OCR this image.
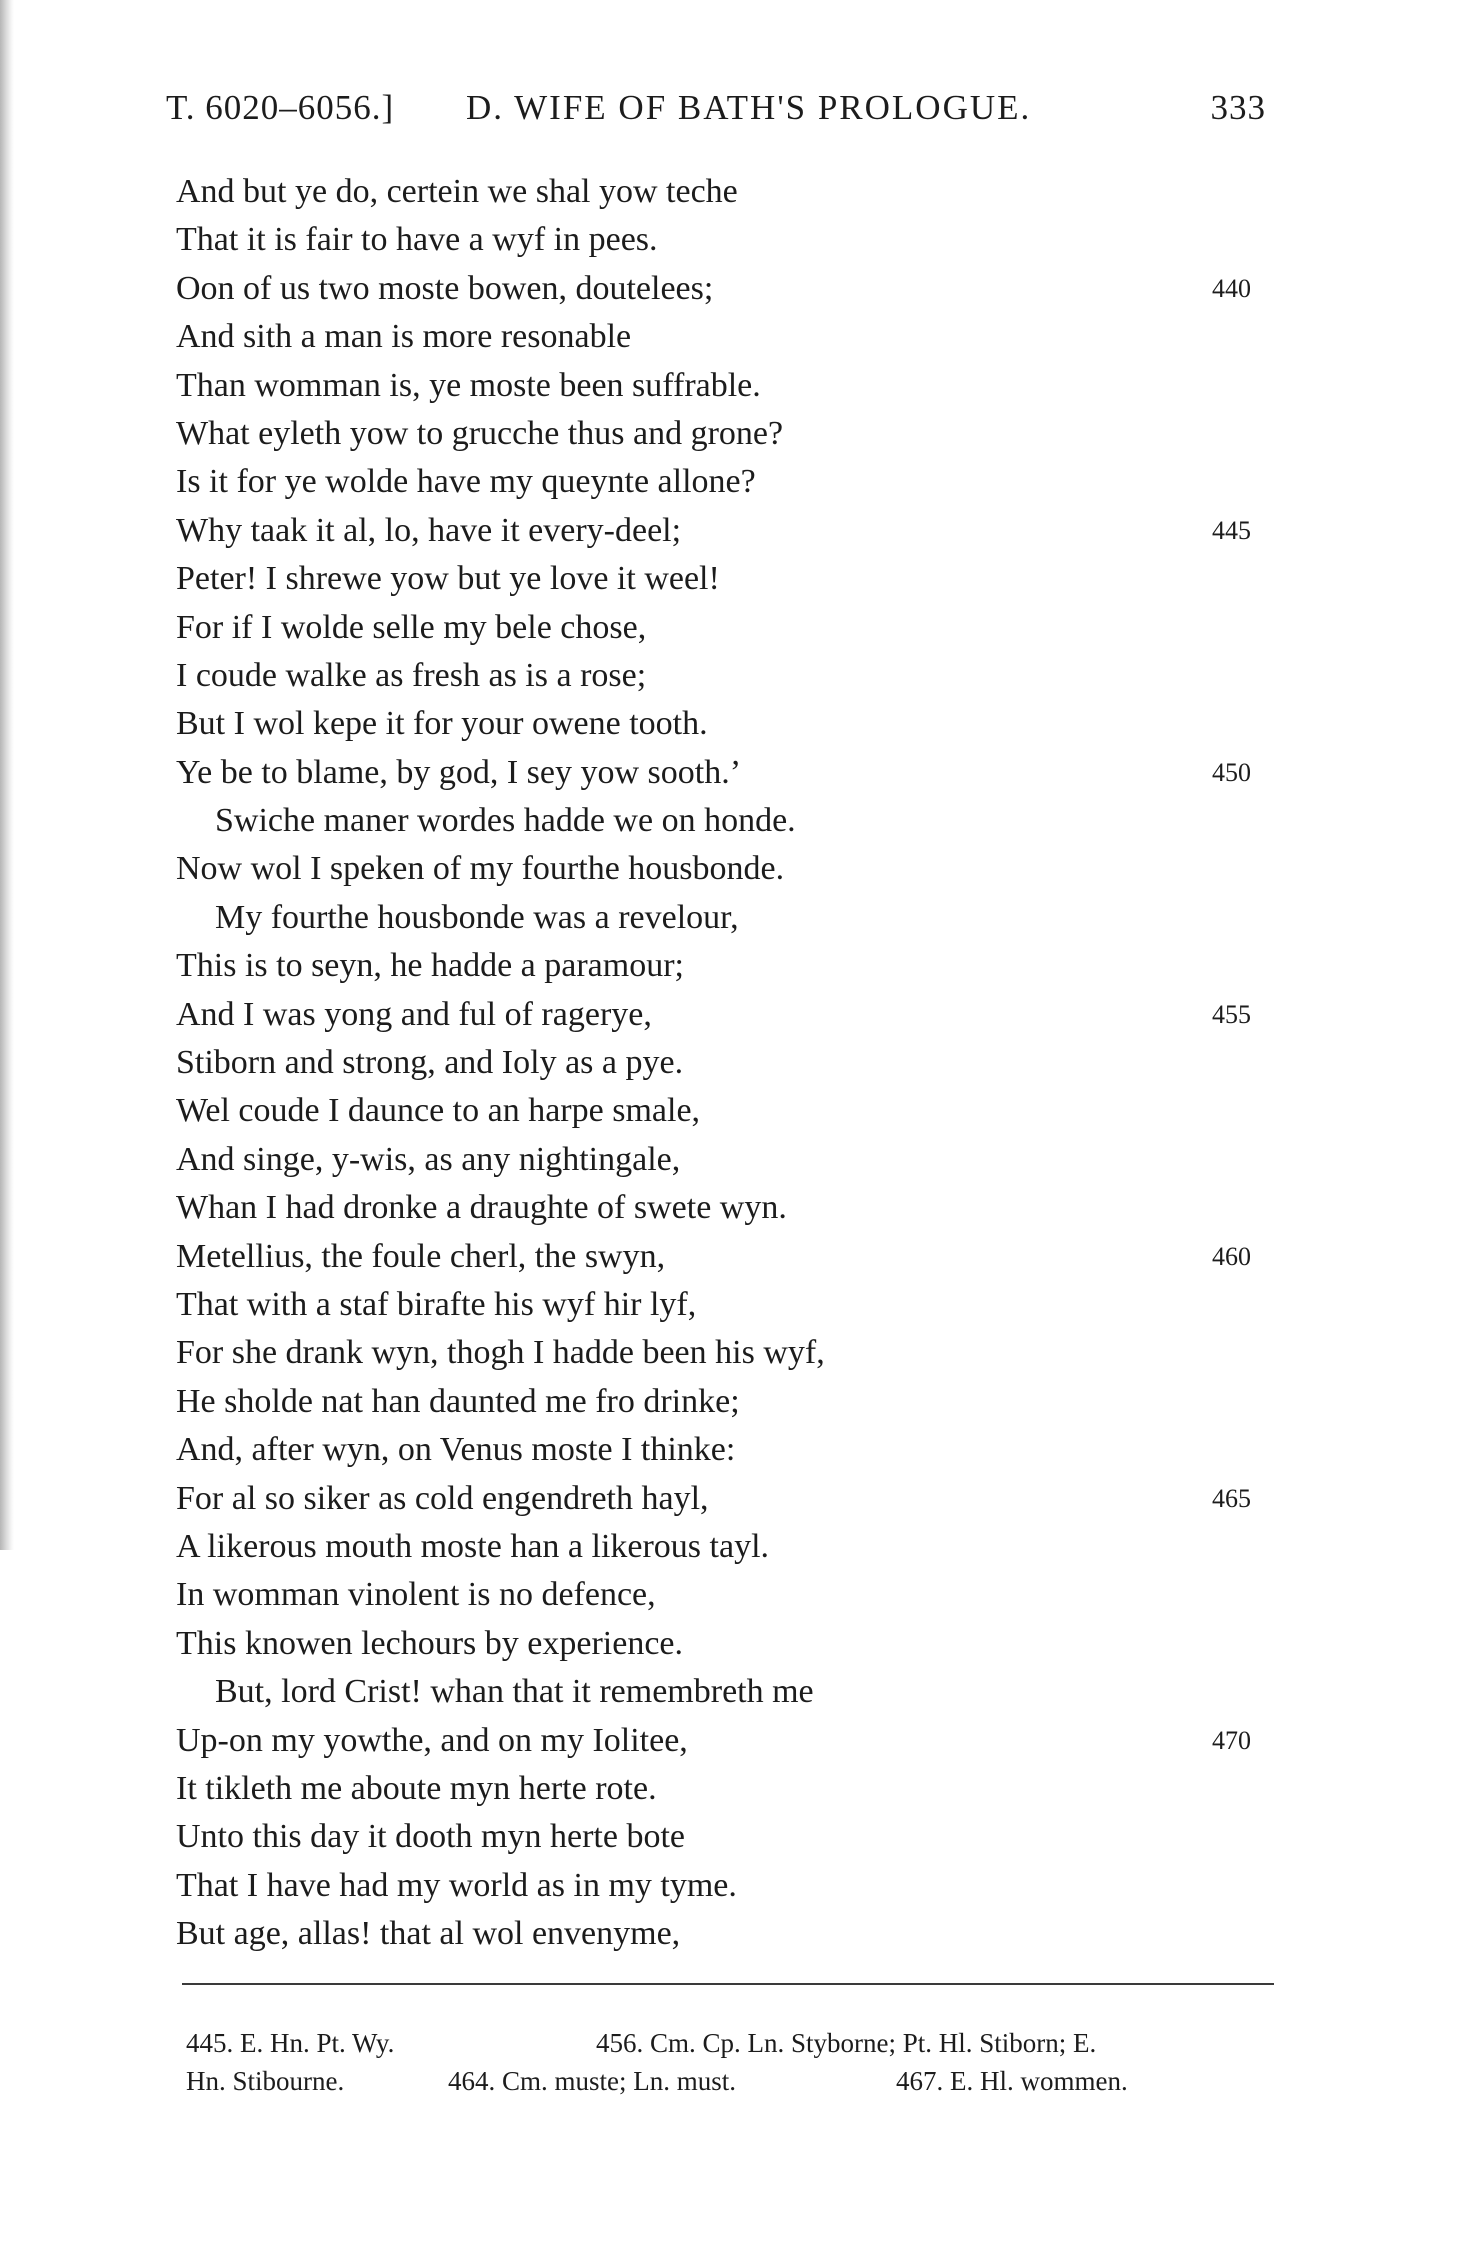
T. 6020–6056.] D. WIFE OF BATH'S PROLOGUE.	333
And but ye do, certein we shal yow teche
That it is fair to have a wyf in pees.
Oon of us two moste bowen, doutelees;	440
And sith a man is more resonable
Than womman is, ye moste been suffrable.
What eyleth yow to grucche thus and grone?
Is it for ye wolde have my queynte allone?
Why taak it al, lo, have it every-deel;	445
Peter! I shrewe yow but ye love it weel!
For if I wolde selle my bele chose,
I coude walke as fresh as is a rose;
But I wol kepe it for your owene tooth.
Ye be to blame, by god, I sey yow sooth.’	450
Swiche maner wordes hadde we on honde.
Now wol I speken of my fourthe housbonde.
My fourthe housbonde was a revelour,
This is to seyn, he hadde a paramour;
And I was yong and ful of ragerye,	455
Stiborn and strong, and Ioly as a pye.
Wel coude I daunce to an harpe smale,
And singe, y-wis, as any nightingale,
Whan I had dronke a draughte of swete wyn.
Metellius, the foule cherl, the swyn,	460
That with a staf birafte his wyf hir lyf,
For she drank wyn, thogh I hadde been his wyf,
He sholde nat han daunted me fro drinke;
And, after wyn, on Venus moste I thinke:
For al so siker as cold engendreth hayl,	465
A likerous mouth moste han a likerous tayl.
In womman vinolent is no defence,
This knowen lechours by experience.
But, lord Crist! whan that it remembreth me
Up-on my yowthe, and on my Iolitee,	470
It tikleth me aboute myn herte rote.
Unto this day it dooth myn herte bote
That I have had my world as in my tyme.
But age, allas! that al wol envenyme,
445. E. Hn. Pt. Wy.	456. Cm. Cp. Ln. Styborne; Pt. Hl. Stiborn; E.
Hn. Stibourne.	464. Cm. muste; Ln. must.	467. E. Hl. wommen.
